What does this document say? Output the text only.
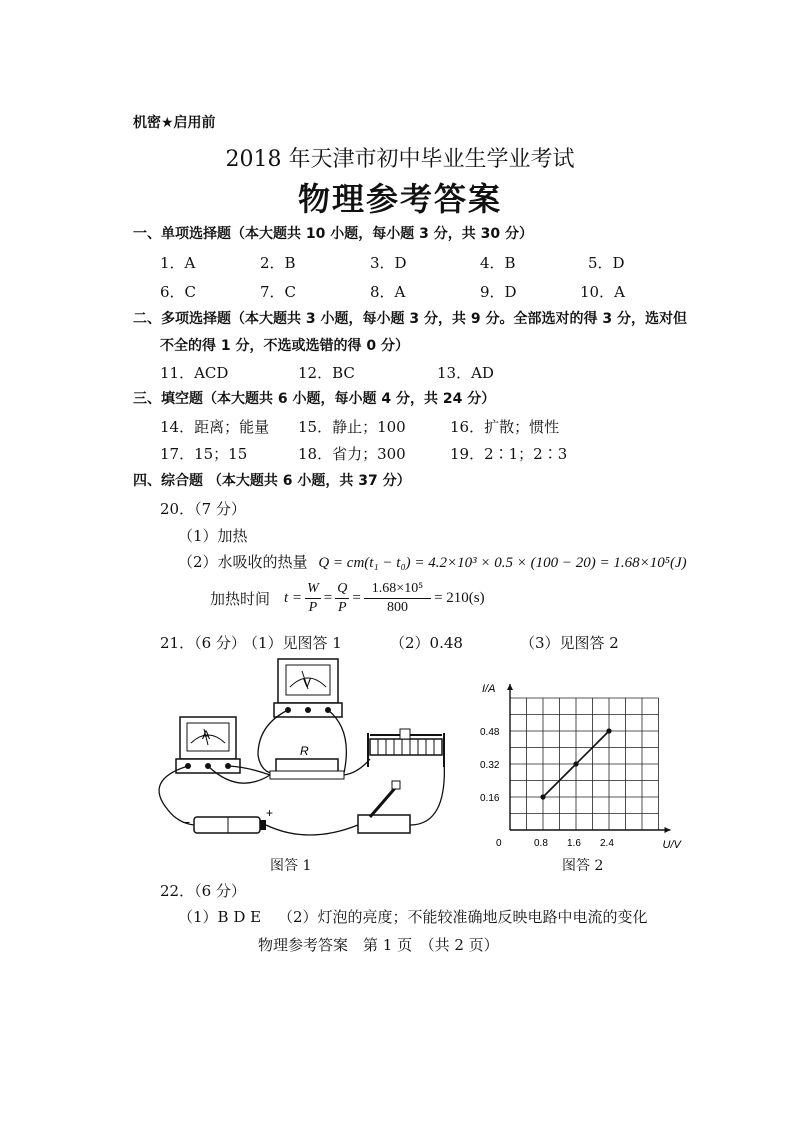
机密★启用前
2018 年天津市初中毕业生学业考试
物理参考答案
一、单项选择题（本大题共 10 小题，每小题 3 分，共 30 分）
1．A	2．B	3．D	4．B	5．D
6．C	7．C	8．A	9．D	10．A
二、多项选择题（本大题共 3 小题，每小题 3 分，共 9 分。全部选对的得 3 分，选对但
不全的得 1 分，不选或选错的得 0 分）
11．ACD	12．BC	13．AD
三、填空题（本大题共 6 小题，每小题 4 分，共 24 分）
14．距离；能量 15．静止；100	16．扩散；惯性
17．15；15	18．省力；300	19．2∶1；2∶3
四、综合题 （本大题共 6 小题，共 37 分）
20．（7 分）
（1）加热
（2）水吸收的热量 Q = cm(t₁ − t₀) = 4.2×10³ × 0.5 × (100 − 20) = 1.68×10⁵(J)
加热时间 $t = \frac{W}{P} = \frac{Q}{P} = \frac{\text{1.68×10⁵}}{800} = 210(s)$
21．（6 分）
（1）见图答 1	（2）0.48	（3）见图答 2
V
A
R
−
+
图答 1
I/A
U/V
0	0.8 1.6 2.4
0.16
0.32
0.48
图答 2
22．（6 分）
（1）B D E （2）灯泡的亮度；不能较准确地反映电路中电流的变化
物理参考答案　第 1 页　（共 2 页）
